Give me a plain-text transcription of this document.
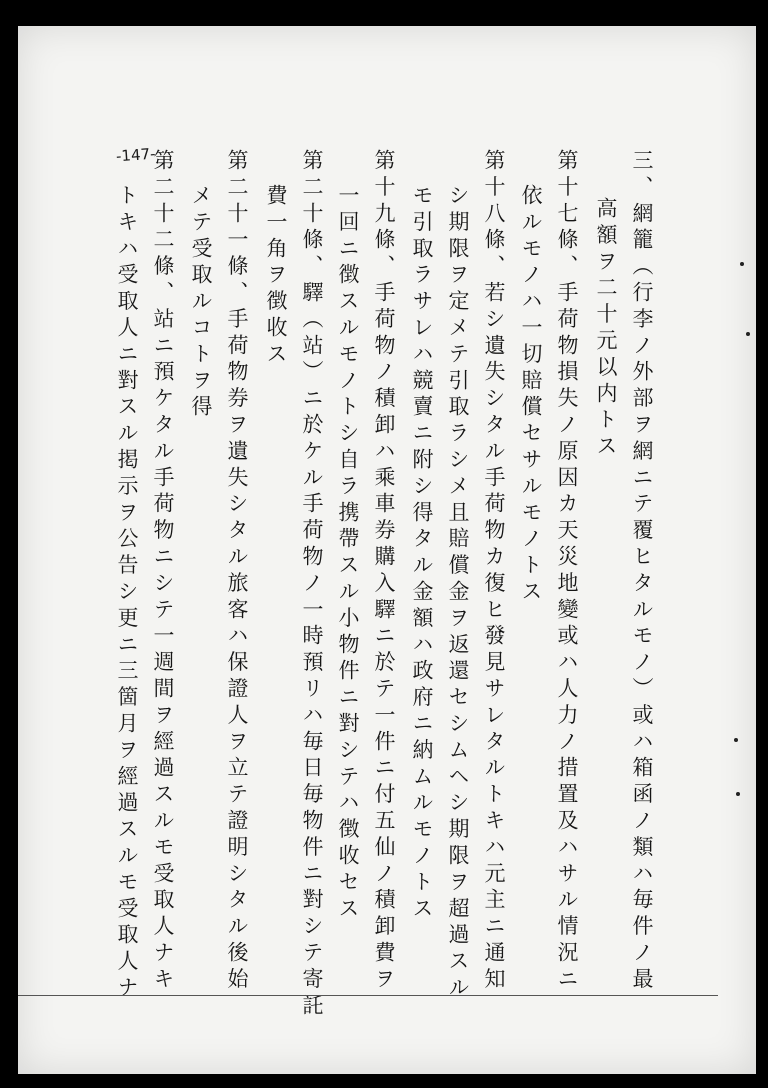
-147-	三、網籠（行李ノ外部ヲ網ニテ覆ヒタルモノ）或ハ箱函ノ類ハ毎件ノ最
高額ヲ二十元以内トス
第十七條、手荷物損失ノ原因カ天災地變或ハ人力ノ措置及ハサル情況ニ
依ルモノハ一切賠償セサルモノトス
第十八條、若シ遺失シタル手荷物カ復ヒ發見サレタルトキハ元主ニ通知
シ期限ヲ定メテ引取ラシメ且賠償金ヲ返還セシムヘシ期限ヲ超過スル
モ引取ラサレハ競賣ニ附シ得タル金額ハ政府ニ納ムルモノトス
第十九條、手荷物ノ積卸ハ乘車券購入驛ニ於テ一件ニ付五仙ノ積卸費ヲ
一回ニ徴スルモノトシ自ラ携帶スル小物件ニ對シテハ徴收セス
第二十條、驛（站）ニ於ケル手荷物ノ一時預リハ毎日毎物件ニ對シテ寄託
費一角ヲ徴收ス
第二十一條、手荷物券ヲ遺失シタル旅客ハ保證人ヲ立テ證明シタル後始
メテ受取ルコトヲ得
第二十二條、站ニ預ケタル手荷物ニシテ一週間ヲ經過スルモ受取人ナキ
トキハ受取人ニ對スル掲示ヲ公告シ更ニ三箇月ヲ經過スルモ受取人ナ
